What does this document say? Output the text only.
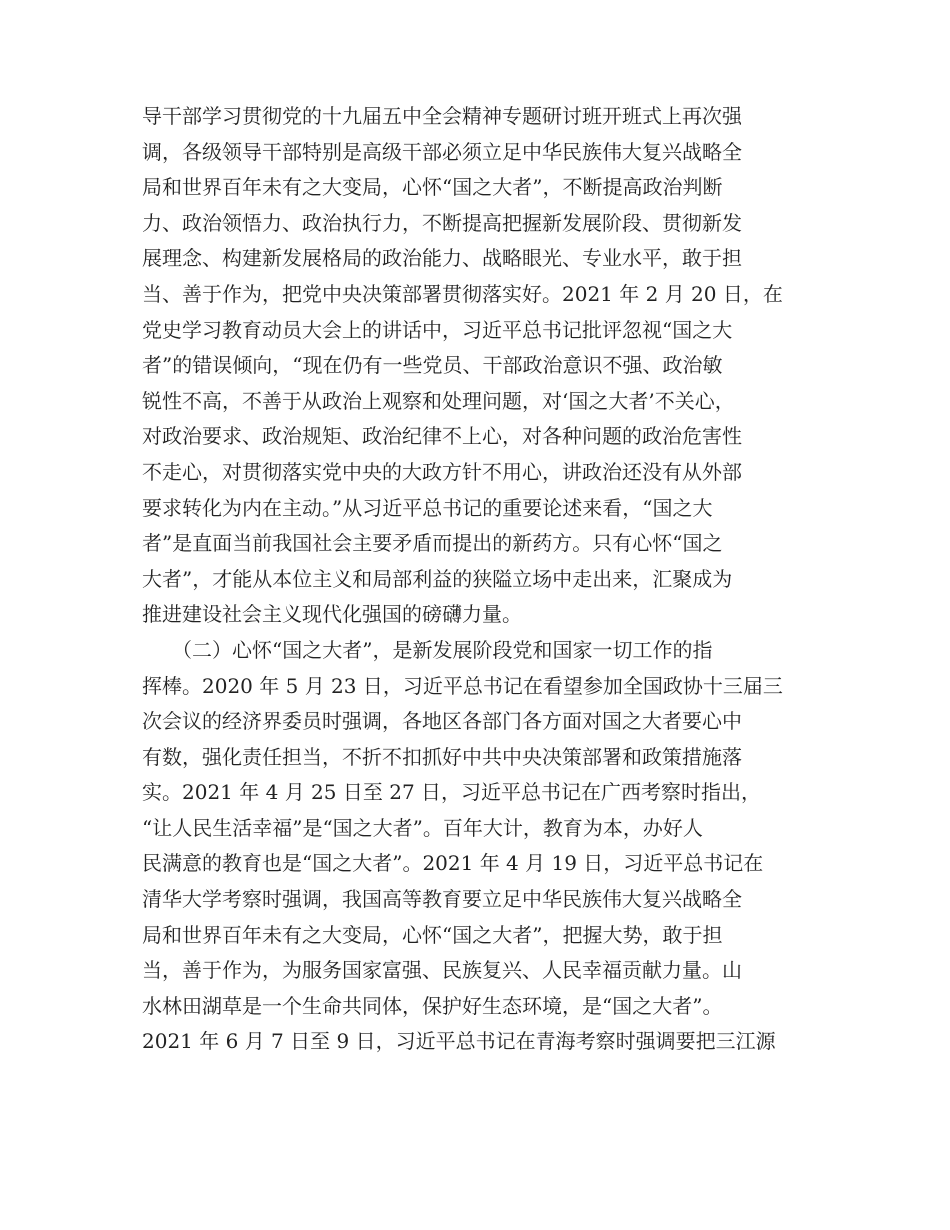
导干部学习贯彻党的十九届五中全会精神专题研讨班开班式上再次强
调，各级领导干部特别是高级干部必须立足中华民族伟大复兴战略全
局和世界百年未有之大变局，心怀“国之大者”，不断提高政治判断
力、政治领悟力、政治执行力，不断提高把握新发展阶段、贯彻新发
展理念、构建新发展格局的政治能力、战略眼光、专业水平，敢于担
当、善于作为，把党中央决策部署贯彻落实好。2021 年 2 月 20 日，在
党史学习教育动员大会上的讲话中，习近平总书记批评忽视“国之大
者”的错误倾向，“现在仍有一些党员、干部政治意识不强、政治敏
锐性不高，不善于从政治上观察和处理问题，对‘国之大者’不关心，
对政治要求、政治规矩、政治纪律不上心，对各种问题的政治危害性
不走心，对贯彻落实党中央的大政方针不用心，讲政治还没有从外部
要求转化为内在主动。”从习近平总书记的重要论述来看，“国之大
者”是直面当前我国社会主要矛盾而提出的新药方。只有心怀“国之
大者”，才能从本位主义和局部利益的狭隘立场中走出来，汇聚成为
推进建设社会主义现代化强国的磅礴力量。
　　（二）心怀“国之大者”，是新发展阶段党和国家一切工作的指
挥棒。2020 年 5 月 23 日，习近平总书记在看望参加全国政协十三届三
次会议的经济界委员时强调，各地区各部门各方面对国之大者要心中
有数，强化责任担当，不折不扣抓好中共中央决策部署和政策措施落
实。2021 年 4 月 25 日至 27 日，习近平总书记在广西考察时指出，
“让人民生活幸福”是“国之大者”。百年大计，教育为本，办好人
民满意的教育也是“国之大者”。2021 年 4 月 19 日，习近平总书记在
清华大学考察时强调，我国高等教育要立足中华民族伟大复兴战略全
局和世界百年未有之大变局，心怀“国之大者”，把握大势，敢于担
当，善于作为，为服务国家富强、民族复兴、人民幸福贡献力量。山
水林田湖草是一个生命共同体，保护好生态环境，是“国之大者”。
2021 年 6 月 7 日至 9 日，习近平总书记在青海考察时强调要把三江源
